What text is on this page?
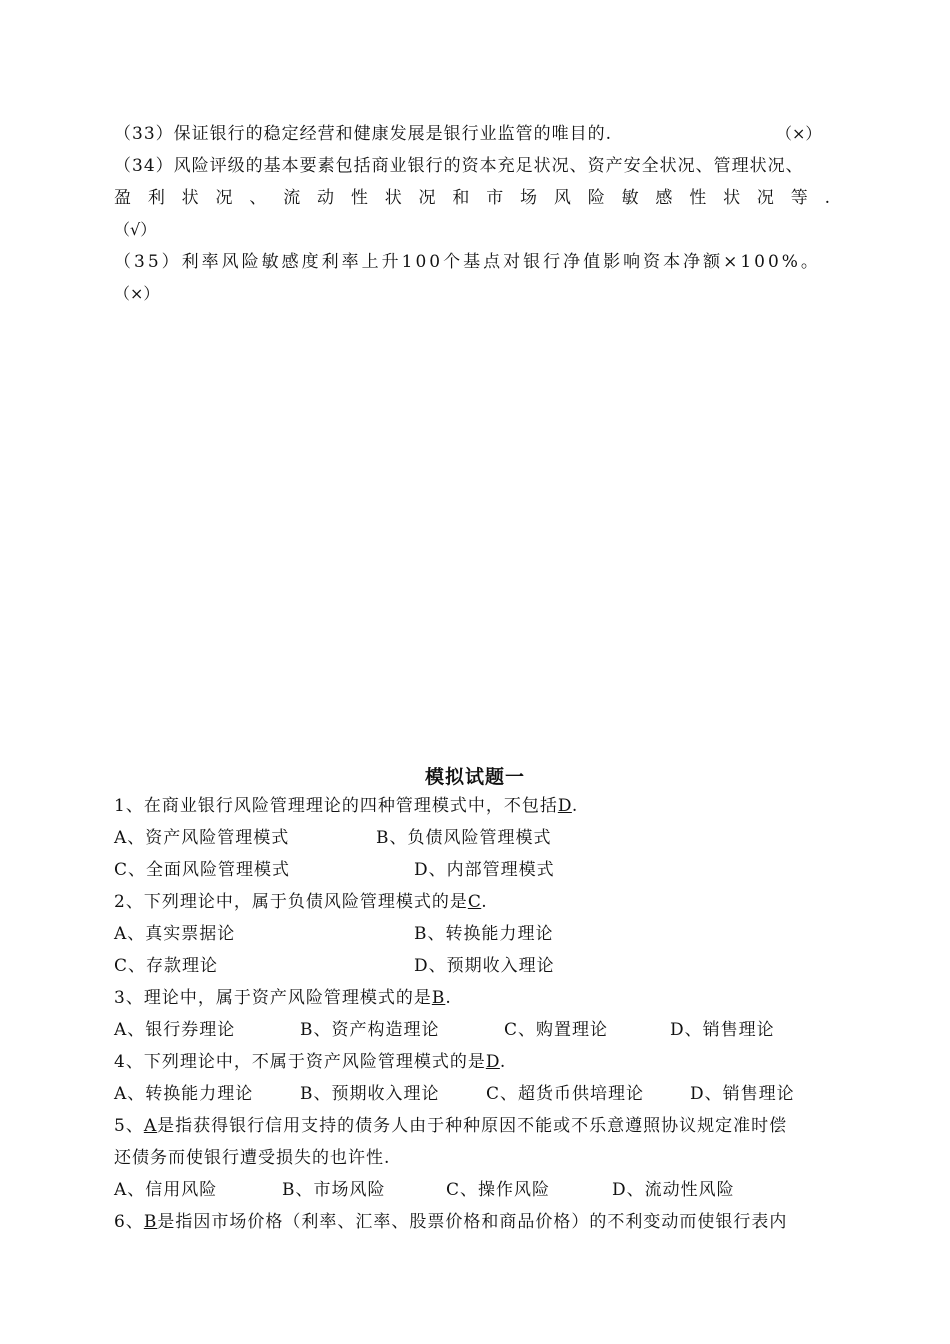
（33）保证银行的稳定经营和健康发展是银行业监管的唯目的.	（×）
（34）风险评级的基本要素包括商业银行的资本充足状况、资产安全状况、管理状况、
盈利状况、流动性状况和市场风险敏感性状况等.
（√）
（35）利率风险敏感度利率上升100个基点对银行净值影响资本净额×100%。
（×）
模拟试题一
1、在商业银行风险管理理论的四种管理模式中，不包括D.
A、资产风险管理模式	B、负债风险管理模式
C、全面风险管理模式	D、内部管理模式
2、下列理论中，属于负债风险管理模式的是C.
A、真实票据论	B、转换能力理论
C、存款理论	D、预期收入理论
3、理论中，属于资产风险管理模式的是B.
A、银行券理论	B、资产构造理论	C、购置理论	D、销售理论
4、下列理论中，不属于资产风险管理模式的是D.
A、转换能力理论	B、预期收入理论	C、超货币供培理论	D、销售理论
5、A是指获得银行信用支持的债务人由于种种原因不能或不乐意遵照协议规定准时偿
还债务而使银行遭受损失的也许性.
A、信用风险	B、市场风险	C、操作风险	D、流动性风险
6、B是指因市场价格（利率、汇率、股票价格和商品价格）的不利变动而使银行表内
